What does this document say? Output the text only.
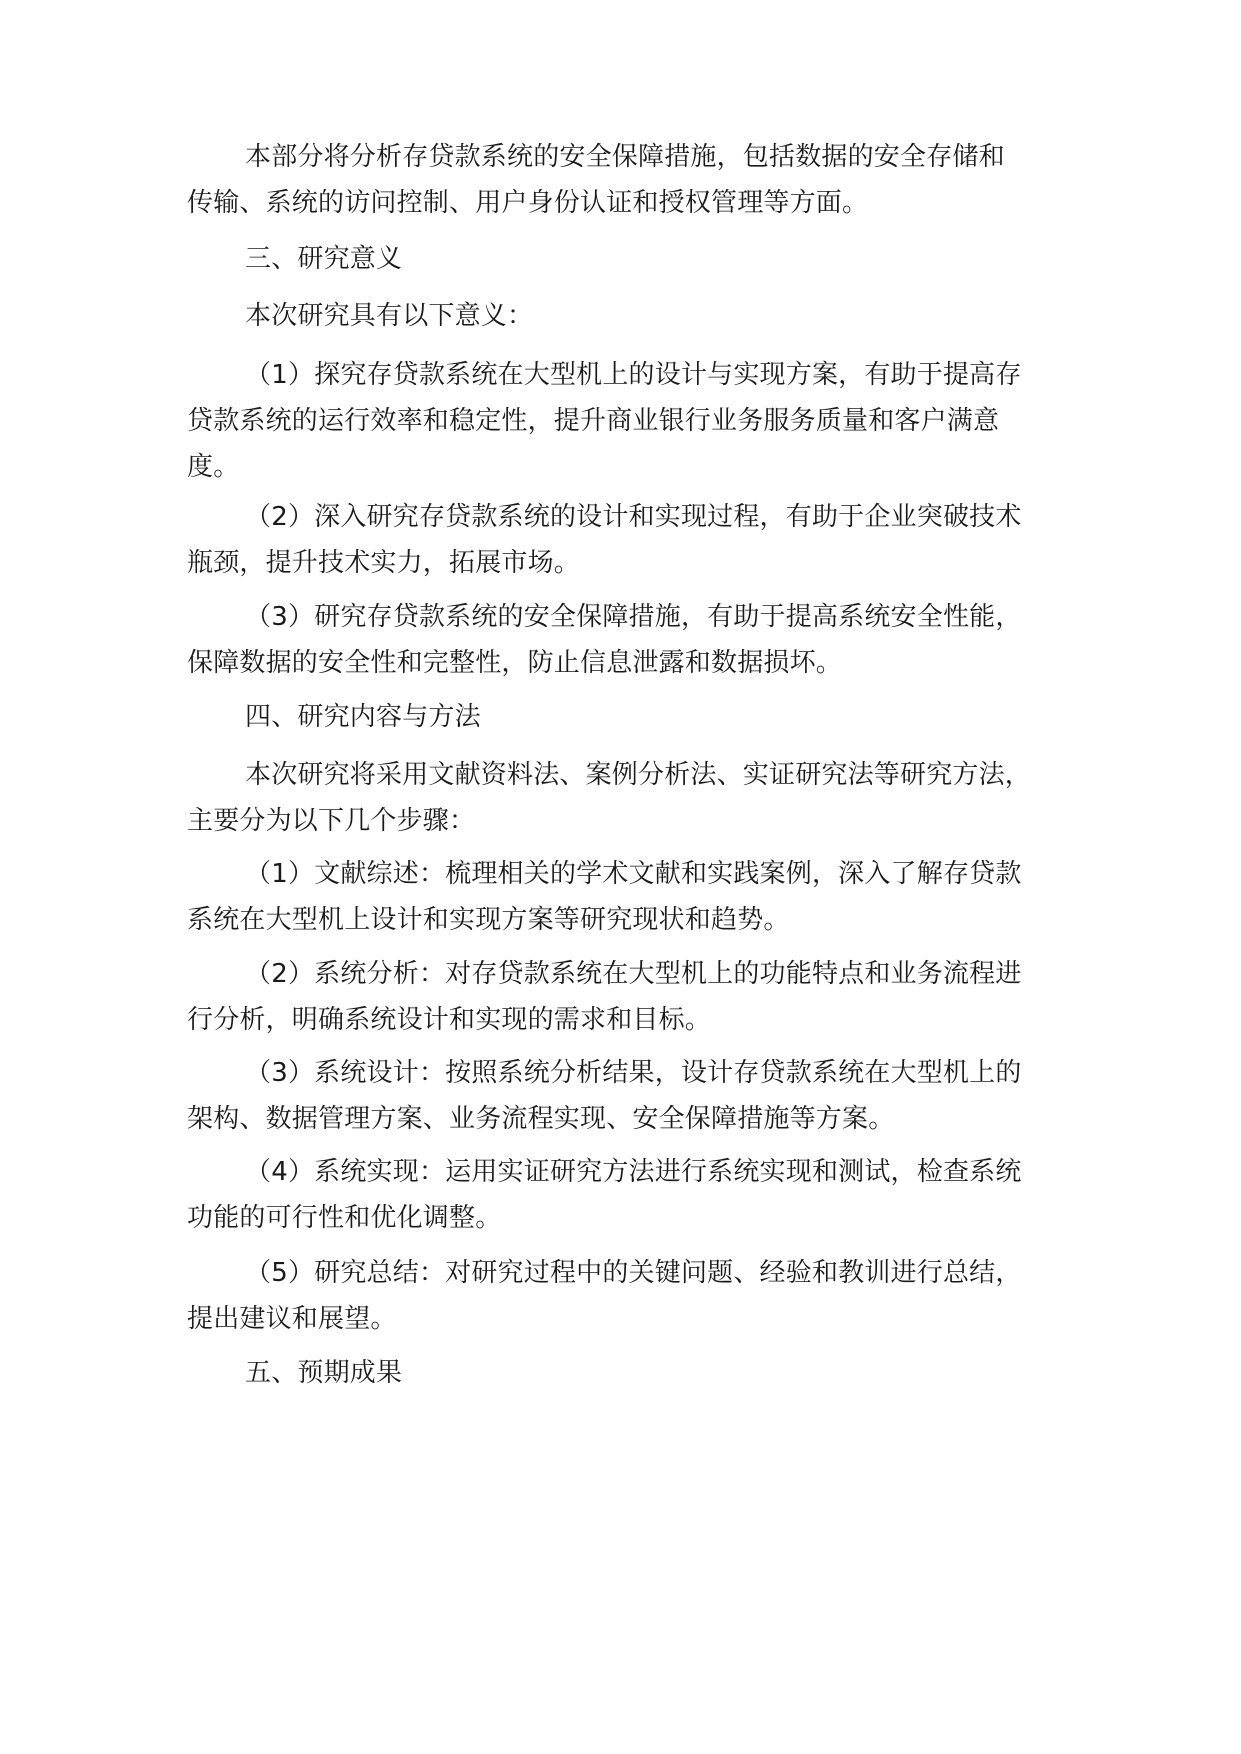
本部分将分析存贷款系统的安全保障措施，包括数据的安全存储和
传输、系统的访问控制、用户身份认证和授权管理等方面。
三、研究意义
本次研究具有以下意义：
（1）探究存贷款系统在大型机上的设计与实现方案，有助于提高存
贷款系统的运行效率和稳定性，提升商业银行业务服务质量和客户满意
度。
（2）深入研究存贷款系统的设计和实现过程，有助于企业突破技术
瓶颈，提升技术实力，拓展市场。
（3）研究存贷款系统的安全保障措施，有助于提高系统安全性能，
保障数据的安全性和完整性，防止信息泄露和数据损坏。
四、研究内容与方法
本次研究将采用文献资料法、案例分析法、实证研究法等研究方法，
主要分为以下几个步骤：
（1）文献综述：梳理相关的学术文献和实践案例，深入了解存贷款
系统在大型机上设计和实现方案等研究现状和趋势。
（2）系统分析：对存贷款系统在大型机上的功能特点和业务流程进
行分析，明确系统设计和实现的需求和目标。
（3）系统设计：按照系统分析结果，设计存贷款系统在大型机上的
架构、数据管理方案、业务流程实现、安全保障措施等方案。
（4）系统实现：运用实证研究方法进行系统实现和测试，检查系统
功能的可行性和优化调整。
（5）研究总结：对研究过程中的关键问题、经验和教训进行总结，
提出建议和展望。
五、预期成果
